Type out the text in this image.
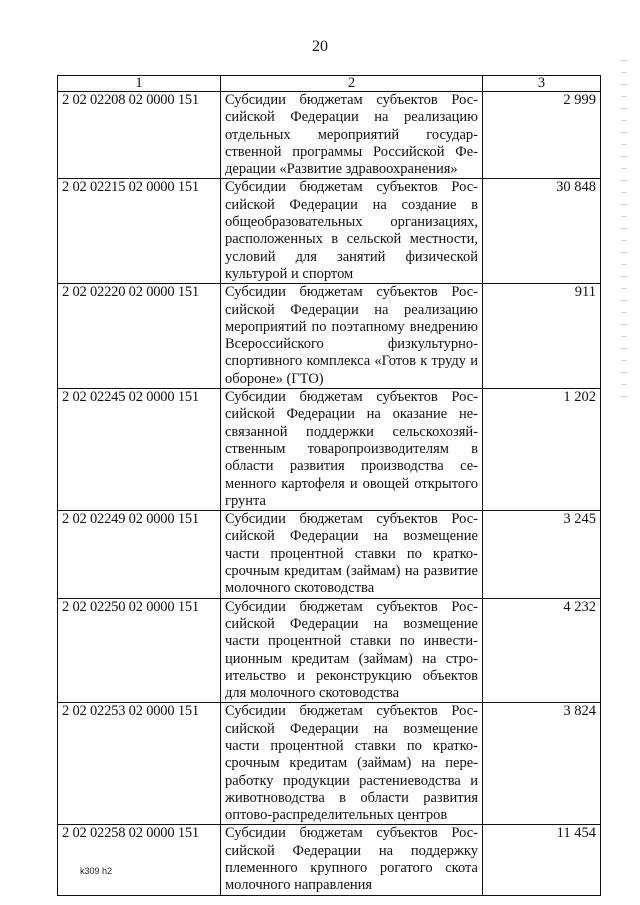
20
1	2	3
2 02 02208 02 0000 151	Субсидии бюджетам субъектов Российской Федерации на реализацию отдельных мероприятий государственной программы Российской Федерации «Развитие здравоохранения»	2 999
2 02 02215 02 0000 151	Субсидии бюджетам субъектов Российской Федерации на создание в общеобразовательных организациях, расположенных в сельской местности, условий для занятий физической культурой и спортом	30 848
2 02 02220 02 0000 151	Субсидии бюджетам субъектов Российской Федерации на реализацию мероприятий по поэтапному внедрению Всероссийского физкультурно-спортивного комплекса «Готов к труду и обороне» (ГТО)	911
2 02 02245 02 0000 151	Субсидии бюджетам субъектов Российской Федерации на оказание несвязанной поддержки сельскохозяйственным товаропроизводителям в области развития производства семенного картофеля и овощей открытого грунта	1 202
2 02 02249 02 0000 151	Субсидии бюджетам субъектов Российской Федерации на возмещение части процентной ставки по краткосрочным кредитам (займам) на развитие молочного скотоводства	3 245
2 02 02250 02 0000 151	Субсидии бюджетам субъектов Российской Федерации на возмещение части процентной ставки по инвестиционным кредитам (займам) на строительство и реконструкцию объектов для молочного скотоводства	4 232
2 02 02253 02 0000 151	Субсидии бюджетам субъектов Российской Федерации на возмещение части процентной ставки по краткосрочным кредитам (займам) на переработку продукции растениеводства и животноводства в области развития оптово-распределительных центров	3 824
2 02 02258 02 0000 151	Субсидии бюджетам субъектов Российской Федерации на поддержку племенного крупного рогатого скота молочного направления	11 454
k309 h2
